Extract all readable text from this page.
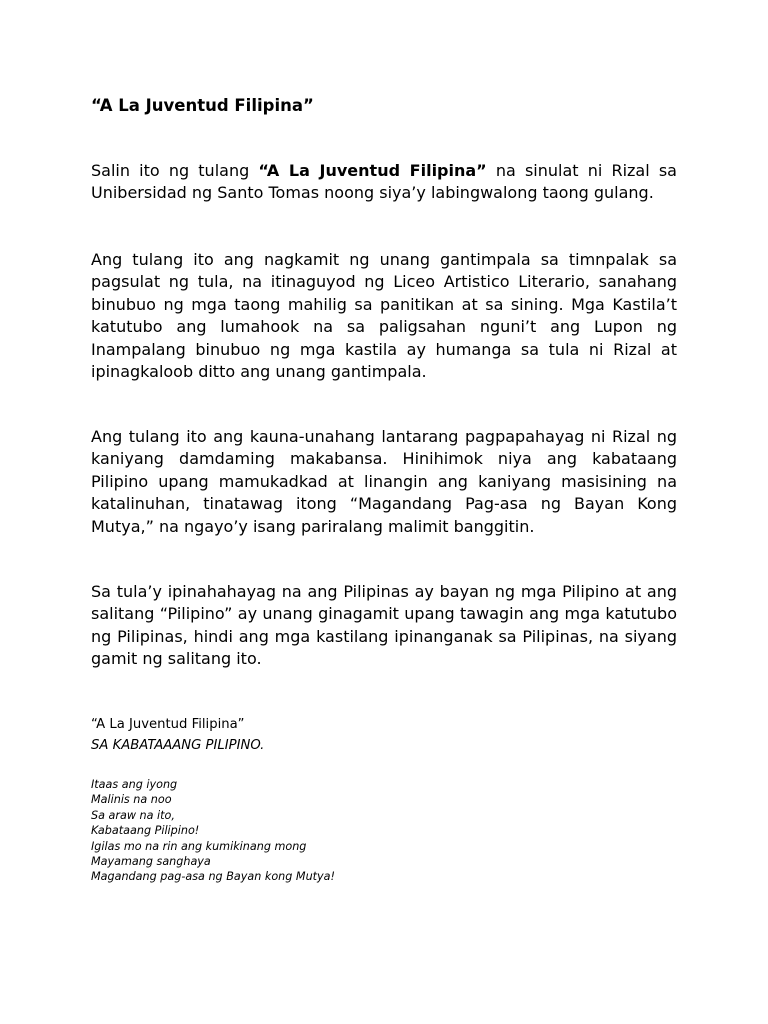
“A La Juventud Filipina”

Salin ito ng tulang “A La Juventud Filipina” na sinulat ni Rizal sa Unibersidad ng Santo Tomas noong siya’y labingwalong taong gulang.

Ang tulang ito ang nagkamit ng unang gantimpala sa timnpalak sa pagsulat ng tula, na itinaguyod ng Liceo Artistico Literario, sanahang binubuo ng mga taong mahilig sa panitikan at sa sining. Mga Kastila’t katutubo ang lumahook na sa paligsahan nguni’t ang Lupon ng Inampalang binubuo ng mga kastila ay humanga sa tula ni Rizal at ipinagkaloob ditto ang unang gantimpala.

Ang tulang ito ang kauna-unahang lantarang pagpapahayag ni Rizal ng kaniyang damdaming makabansa. Hinihimok niya ang kabataang Pilipino upang mamukadkad at linangin ang kaniyang masisining na katalinuhan, tinatawag itong “Magandang Pag-asa ng Bayan Kong Mutya,” na ngayo’y isang pariralang malimit banggitin.

Sa tula’y ipinahahayag na ang Pilipinas ay bayan ng mga Pilipino at ang salitang “Pilipino” ay unang ginagamit upang tawagin ang mga katutubo ng Pilipinas, hindi ang mga kastilang ipinanganak sa Pilipinas, na siyang gamit ng salitang ito.

“A La Juventud Filipina”
SA KABATAAANG PILIPINO.
Itaas ang iyong
Malinis na noo
Sa araw na ito,
Kabataang Pilipino!
Igilas mo na rin ang kumikinang mong
Mayamang sanghaya
Magandang pag-asa ng Bayan kong Mutya!
